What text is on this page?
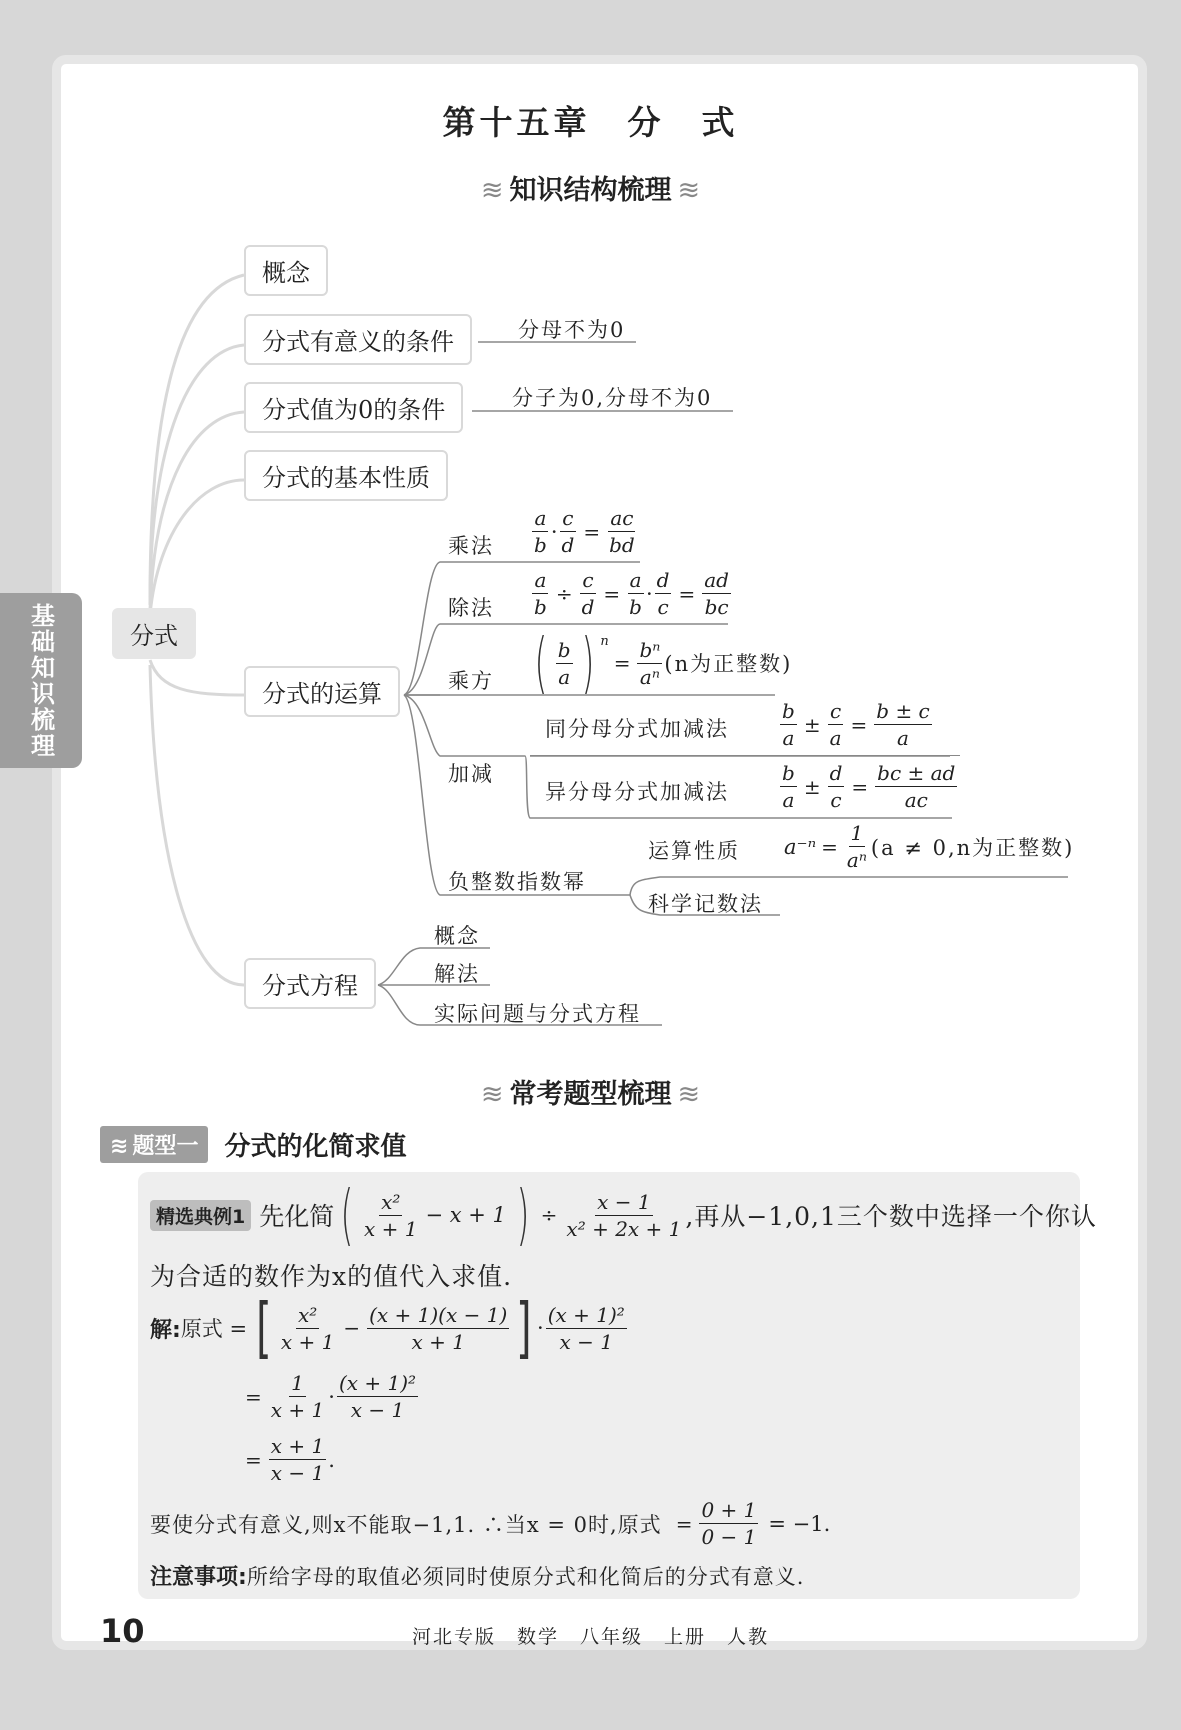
基础知识梳理
第十五章　分　式
≋ 知识结构梳理 ≋
分式
概念
分式有意义的条件	分母不为0
分式值为0的条件	分子为0,分母不为0
分式的基本性质
分式的运算
分式方程
乘法 $\frac{a}{b} \cdot \frac{c}{d} = \frac{ac}{bd}$
除法 $\frac{a}{b} \div \frac{c}{d} = \frac{a}{b} \cdot \frac{d}{c} = \frac{ad}{bc}$
乘方 ( $\frac{b}{a}$ ) n
= $\frac{\text{bⁿ}}{\text{aⁿ}} (n$为正整数)
加减
同分母分式加减法	$\frac{b}{a} \pm \frac{c}{a} = \frac{b \pm c}{a}$
异分母分式加减法	$\frac{b}{a} \pm \frac{d}{c} = \frac{bc \pm ad}{ac}$
负整数指数幂
运算性质 $a^{-n} = \frac{1}{\text{aⁿ}} (a \ne 0,n$为正整数)
科学记数法
概念
解法
实际问题与分式方程
≋ 常考题型梳理 ≋
≋ 题型一	分式的化简求值
精选典例1 先化简 ( $\frac{\text{x²}}{x + 1} - x + 1$ ) ÷ $\frac{x - 1}{\text{x² + 2x + 1}}$ ,再从−1,0,1三个数中选择一个你认
为合适的数作为x的值代入求值.
解: 原式 = [ $\frac{\text{x²}}{x + 1} - \frac{(x + 1)(x - 1)}{x + 1}$ ] · $\frac{\text{(x + 1)²}}{x - 1}$
= $\frac{1}{x + 1} \cdot \frac{\text{(x + 1)²}}{x - 1}$
= $\frac{x + 1}{x - 1}$ .
要使分式有意义,则x不能取−1,1. ∴当x = 0时,原式 = $\frac{0 + 1}{0 - 1} = -1$.
注意事项: 所给字母的取值必须同时使原分式和化简后的分式有意义.
10	河北专版　数学　八年级　上册　人教
